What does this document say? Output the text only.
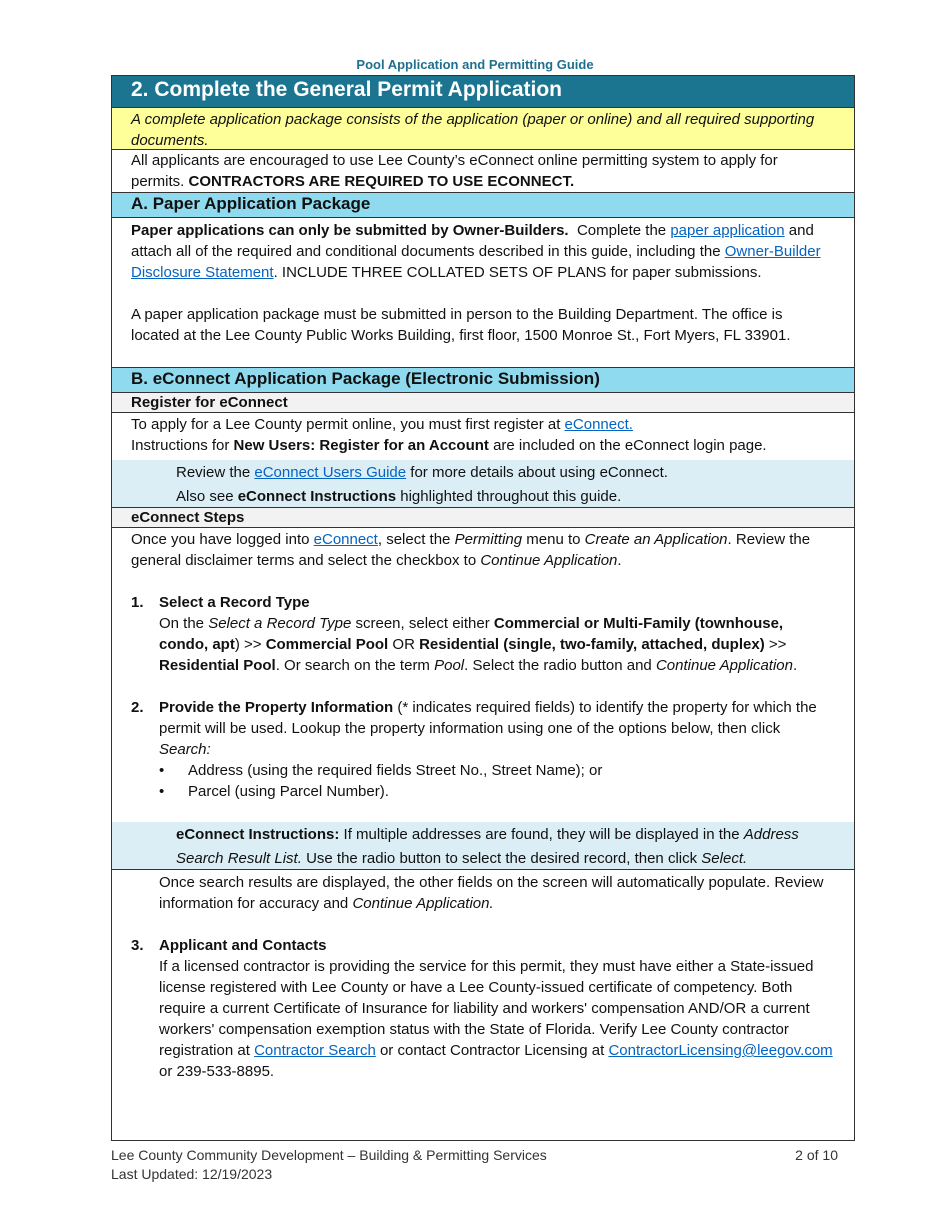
Pool Application and Permitting Guide
2. Complete the General Permit Application
A complete application package consists of the application (paper or online) and all required supporting documents.
All applicants are encouraged to use Lee County’s eConnect online permitting system to apply for permits. CONTRACTORS ARE REQUIRED TO USE ECONNECT.
A. Paper Application Package
Paper applications can only be submitted by Owner-Builders. Complete the paper application and attach all of the required and conditional documents described in this guide, including the Owner-Builder Disclosure Statement. INCLUDE THREE COLLATED SETS OF PLANS for paper submissions.
A paper application package must be submitted in person to the Building Department. The office is located at the Lee County Public Works Building, first floor, 1500 Monroe St., Fort Myers, FL 33901.
B. eConnect Application Package (Electronic Submission)
Register for eConnect
To apply for a Lee County permit online, you must first register at eConnect.
Instructions for New Users: Register for an Account are included on the eConnect login page.
Review the eConnect Users Guide for more details about using eConnect.
Also see eConnect Instructions highlighted throughout this guide.
eConnect Steps
Once you have logged into eConnect, select the Permitting menu to Create an Application. Review the general disclaimer terms and select the checkbox to Continue Application.
1. Select a Record Type
On the Select a Record Type screen, select either Commercial or Multi-Family (townhouse, condo, apt) >> Commercial Pool OR Residential (single, two-family, attached, duplex) >> Residential Pool. Or search on the term Pool. Select the radio button and Continue Application.
2. Provide the Property Information (* indicates required fields) to identify the property for which the permit will be used. Lookup the property information using one of the options below, then click Search:
• Address (using the required fields Street No., Street Name); or
• Parcel (using Parcel Number).
eConnect Instructions: If multiple addresses are found, they will be displayed in the Address Search Result List. Use the radio button to select the desired record, then click Select.
Once search results are displayed, the other fields on the screen will automatically populate. Review information for accuracy and Continue Application.
3. Applicant and Contacts
If a licensed contractor is providing the service for this permit, they must have either a State-issued license registered with Lee County or have a Lee County-issued certificate of competency. Both require a current Certificate of Insurance for liability and workers' compensation AND/OR a current workers' compensation exemption status with the State of Florida. Verify Lee County contractor registration at Contractor Search or contact Contractor Licensing at ContractorLicensing@leegov.com or 239-533-8895.
Lee County Community Development – Building & Permitting Services
Last Updated: 12/19/2023
2 of 10
